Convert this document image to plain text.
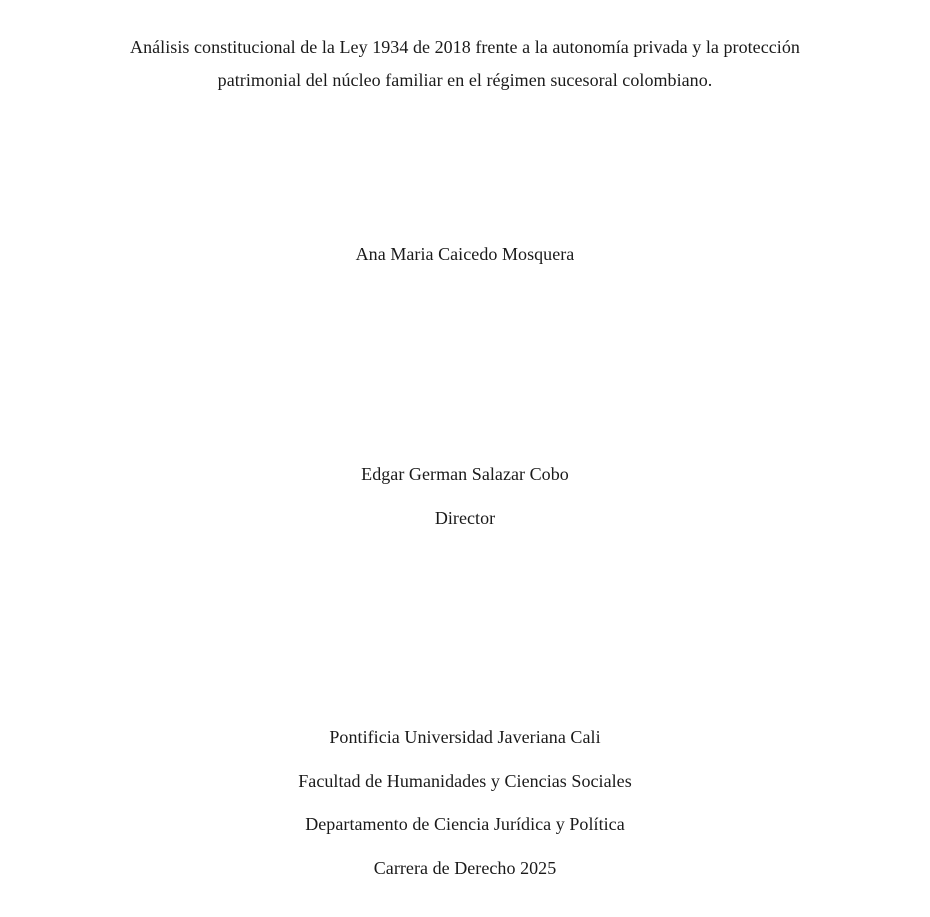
Análisis constitucional de la Ley 1934 de 2018 frente a la autonomía privada y la protección
patrimonial del núcleo familiar en el régimen sucesoral colombiano.
Ana Maria Caicedo Mosquera
Edgar German Salazar Cobo
Director
Pontificia Universidad Javeriana Cali
Facultad de Humanidades y Ciencias Sociales
Departamento de Ciencia Jurídica y Política
Carrera de Derecho 2025
